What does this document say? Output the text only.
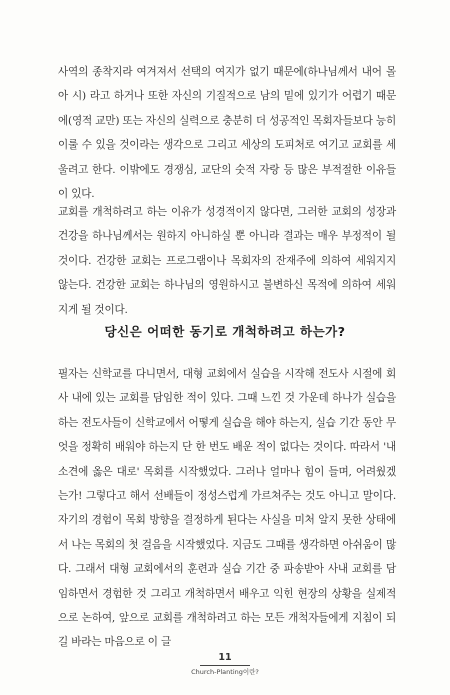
사역의 종착지라 여겨져서 선택의 여지가 없기 때문에(하나님께서 내어 몰아 시) 라고 하거나 또한 자신의 기질적으로 남의 밑에 있기가 어렵기 때문에(영적 교만) 또는 자신의 실력으로 충분히 더 성공적인 목회자들보다 능히 이룰 수 있을 것이라는 생각으로 그리고 세상의 도피처로 여기고 교회를 세울려고 한다. 이밖에도 경쟁심, 교단의 숫적 자랑 등 많은 부적절한 이유들이 있다.

교회를 개척하려고 하는 이유가 성경적이지 않다면, 그러한 교회의 성장과 건강을 하나님께서는 원하지 아니하실 뿐 아니라 결과는 매우 부정적이 될 것이다. 건강한 교회는 프로그램이나 목회자의 잔재주에 의하여 세워지지 않는다. 건강한 교회는 하나님의 영원하시고 불변하신 목적에 의하여 세워지게 될 것이다.

당신은 어떠한 동기로 개척하려고 하는가?

필자는 신학교를 다니면서, 대형 교회에서 실습을 시작해 전도사 시절에 회사 내에 있는 교회를 담임한 적이 있다. 그때 느낀 것 가운데 하나가 실습을 하는 전도사들이 신학교에서 어떻게 실습을 해야 하는지, 실습 기간 동안 무엇을 정확히 배워야 하는지 단 한 번도 배운 적이 없다는 것이다. 따라서 '내 소견에 옳은 대로' 목회를 시작했었다. 그러나 얼마나 힘이 들며, 어려웠겠는가! 그렇다고 해서 선배들이 정성스럽게 가르쳐주는 것도 아니고 말이다. 자기의 경험이 목회 방향을 결정하게 된다는 사실을 미처 알지 못한 상태에서 나는 목회의 첫 걸음을 시작했었다. 지금도 그때를 생각하면 아쉬움이 많다. 그래서 대형 교회에서의 훈련과 실습 기간 중 파송받아 사내 교회를 담임하면서 경험한 것 그리고 개척하면서 배우고 익힌 현장의 상황을 실제적으로 논하여, 앞으로 교회를 개척하려고 하는 모든 개척자들에게 지침이 되길 바라는 마음으로 이 글

11
Church-Planting이란?
